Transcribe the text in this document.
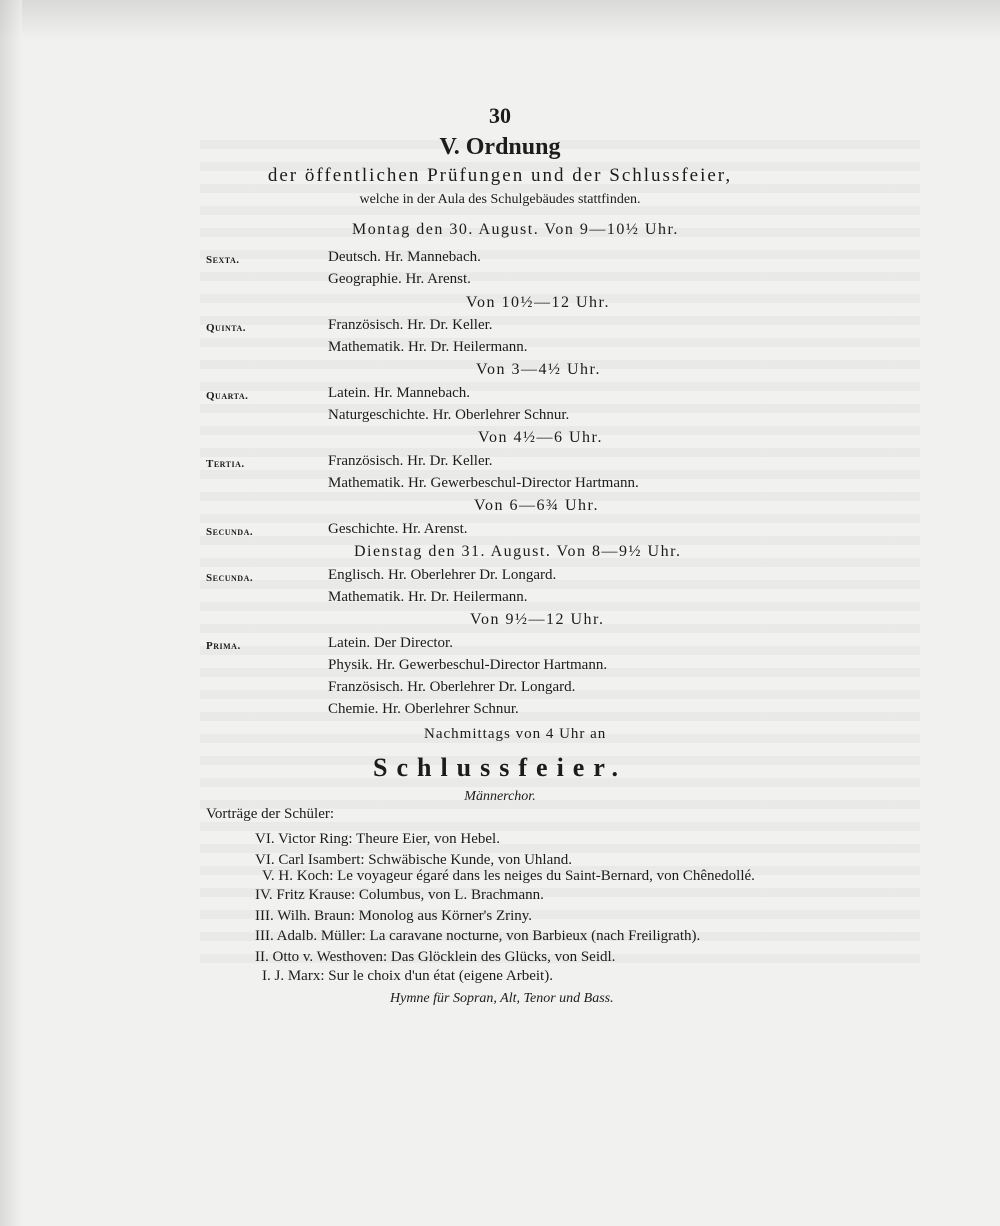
30
V. Ordnung
der öffentlichen Prüfungen und der Schlussfeier,
welche in der Aula des Schulgebäudes stattfinden.
Montag den 30. August. Von 9—10½ Uhr.
Sexta.	Deutsch. Hr. Mannebach.
Geographie. Hr. Arenst.
Von 10½—12 Uhr.
Quinta.	Französisch. Hr. Dr. Keller.
Mathematik. Hr. Dr. Heilermann.
Von 3—4½ Uhr.
Quarta.	Latein. Hr. Mannebach.
Naturgeschichte. Hr. Oberlehrer Schnur.
Von 4½—6 Uhr.
Tertia.	Französisch. Hr. Dr. Keller.
Mathematik. Hr. Gewerbeschul-Director Hartmann.
Von 6—6¾ Uhr.
Secunda.	Geschichte. Hr. Arenst.
Dienstag den 31. August. Von 8—9½ Uhr.
Secunda.	Englisch. Hr. Oberlehrer Dr. Longard.
Mathematik. Hr. Dr. Heilermann.
Von 9½—12 Uhr.
Prima.	Latein. Der Director.
Physik. Hr. Gewerbeschul-Director Hartmann.
Französisch. Hr. Oberlehrer Dr. Longard.
Chemie. Hr. Oberlehrer Schnur.
Nachmittags von 4 Uhr an
Schlussfeier.
Männerchor.
Vorträge der Schüler:
VI. Victor Ring: Theure Eier, von Hebel.
VI. Carl Isambert: Schwäbische Kunde, von Uhland.
V. H. Koch: Le voyageur égaré dans les neiges du Saint-Bernard, von Chênedollé.
IV. Fritz Krause: Columbus, von L. Brachmann.
III. Wilh. Braun: Monolog aus Körner's Zriny.
III. Adalb. Müller: La caravane nocturne, von Barbieux (nach Freiligrath).
II. Otto v. Westhoven: Das Glöcklein des Glücks, von Seidl.
I. J. Marx: Sur le choix d'un état (eigene Arbeit).
Hymne für Sopran, Alt, Tenor und Bass.
